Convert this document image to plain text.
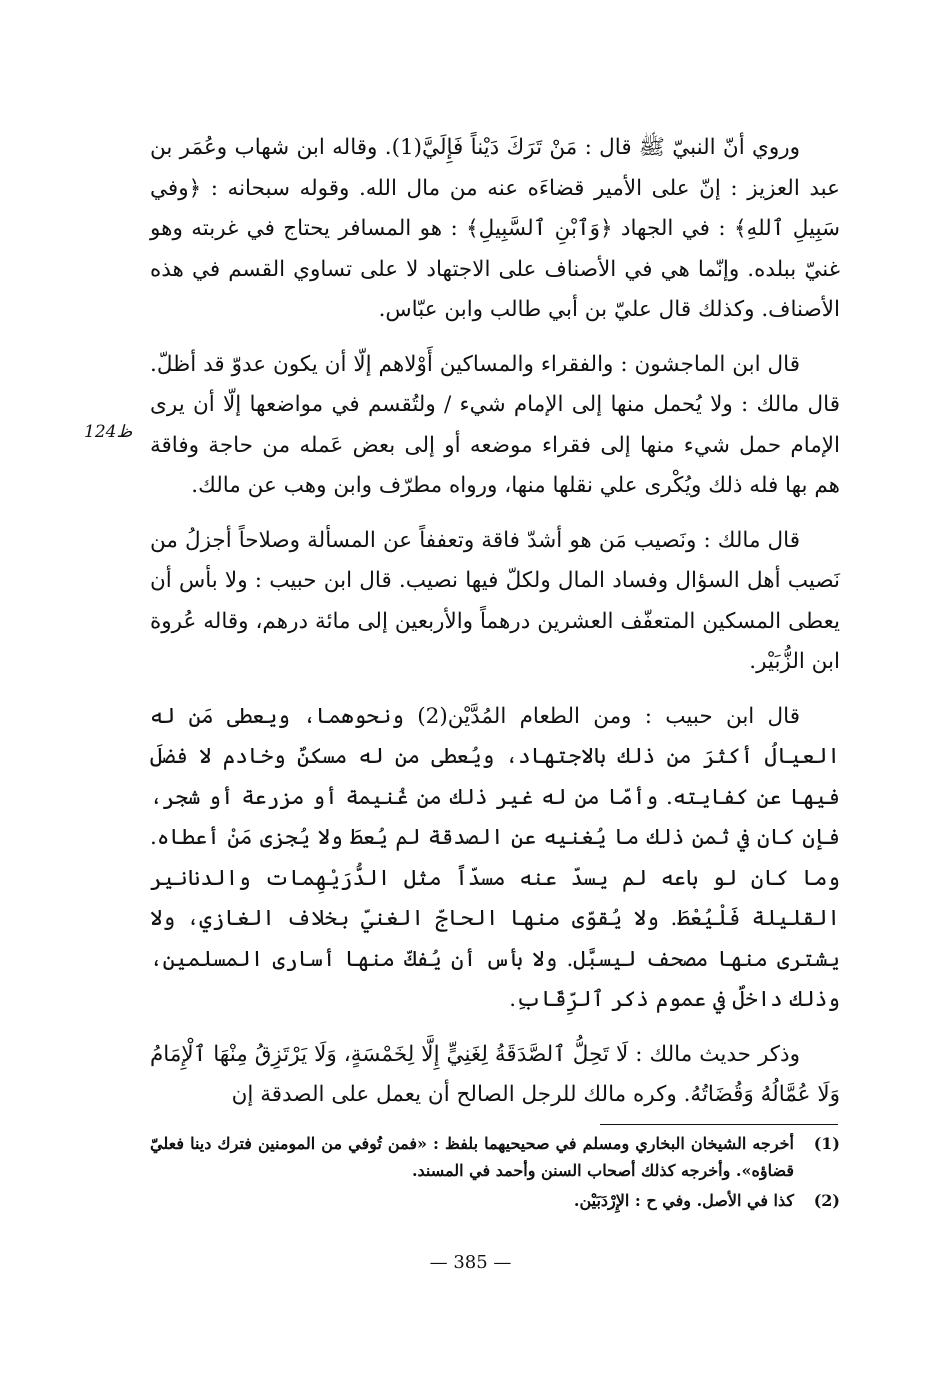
وروي أنّ النبيّ ﷺ قال : مَنْ تَرَكَ دَيْناً فَإِلَيَّ(1). وقاله ابن شهاب وعُمَر بن عبد العزيز : إنّ على الأمير قضاءَه عنه من مال الله. وقوله سبحانه : ﴿وفي سَبِيلِ ٱللهِ﴾ : في الجهاد ﴿وَٱبْنِ ٱلسَّبِيلِ﴾ : هو المسافر يحتاج في غربته وهو غنيّ ببلده. وإنّما هي في الأصناف على الاجتهاد لا على تساوي القسم في هذه الأصناف. وكذلك قال عليّ بن أبي طالب وابن عبّاس.

قال ابن الماجشون : والفقراء والمساكين أَوْلاهم إلّا أن يكون عدوّ قد أظلّ. قال مالك : ولا يُحمل منها إلى الإمام شيء / ولتُقسم في مواضعها إلّا أن يرى الإمام حمل شيء منها إلى فقراء موضعه أو إلى بعض عَمله من حاجة وفاقة هم بها فله ذلك ويُكْرى علي نقلها منها، ورواه مطرّف وابن وهب عن مالك.

قال مالك : ونَصيب مَن هو أشدّ فاقة وتعففاً عن المسألة وصلاحاً أجزلُ من نَصيب أهل السؤال وفساد المال ولكلّ فيها نصيب. قال ابن حبيب : ولا بأس أن يعطى المسكين المتعفّف العشرين درهماً والأربعين إلى مائة درهم، وقاله عُروة ابن الزُّبَيْر.

قال ابن حبيب : ومن الطعام المُدَّيْن(2) ونحوهما، ويعطى مَن له العيالُ أكثرَ من ذلك بالاجتهاد، ويُعطى من له مسكنٌ وخادم لا فضلَ فيها عن كفايته. وأمّا من له غير ذلك من غُنيمة أو مزرعة أو شجر، فإن كان في ثمن ذلك ما يُغنيه عن الصدقة لم يُعطَ ولا يُجزى مَنْ أعطاه. وما كان لو باعه لم يسدّ عنه مسدّاً مثل الدُّرَيْهِمات والدنانير القليلة فَلْيُعْطَ. ولا يُقوّى منها الحاجّ الغنيّ بخلاف الغازي، ولا يشترى منها مصحف ليسبَّل. ولا بأس أن يُفكّ منها أسارى المسلمين، وذلك داخلٌ في عموم ذكر ٱلرِّقَابِ.

وذكر حديث مالك : لَا تَحِلُّ ٱلصَّدَقَةُ لِغَنِيٍّ إِلَّا لِخَمْسَةٍ، وَلَا يَرْتَزِقُ مِنْهَا ٱلْإِمَامُ وَلَا عُمَّالُهُ وَقُضَاتُهُ. وكره مالك للرجل الصالح أن يعمل على الصدقة إن

124ظ
(1)
أخرجه الشيخان البخاري ومسلم في صحيحيهما بلفظ : «فمن تُوفي من المومنين فترك دينا فعليّ قضاؤه». وأخرجه كذلك أصحاب السنن وأحمد في المسند.
(2)
كذا في الأصل. وفي ح : الإِرْدَبَيْن.
— 385 —
